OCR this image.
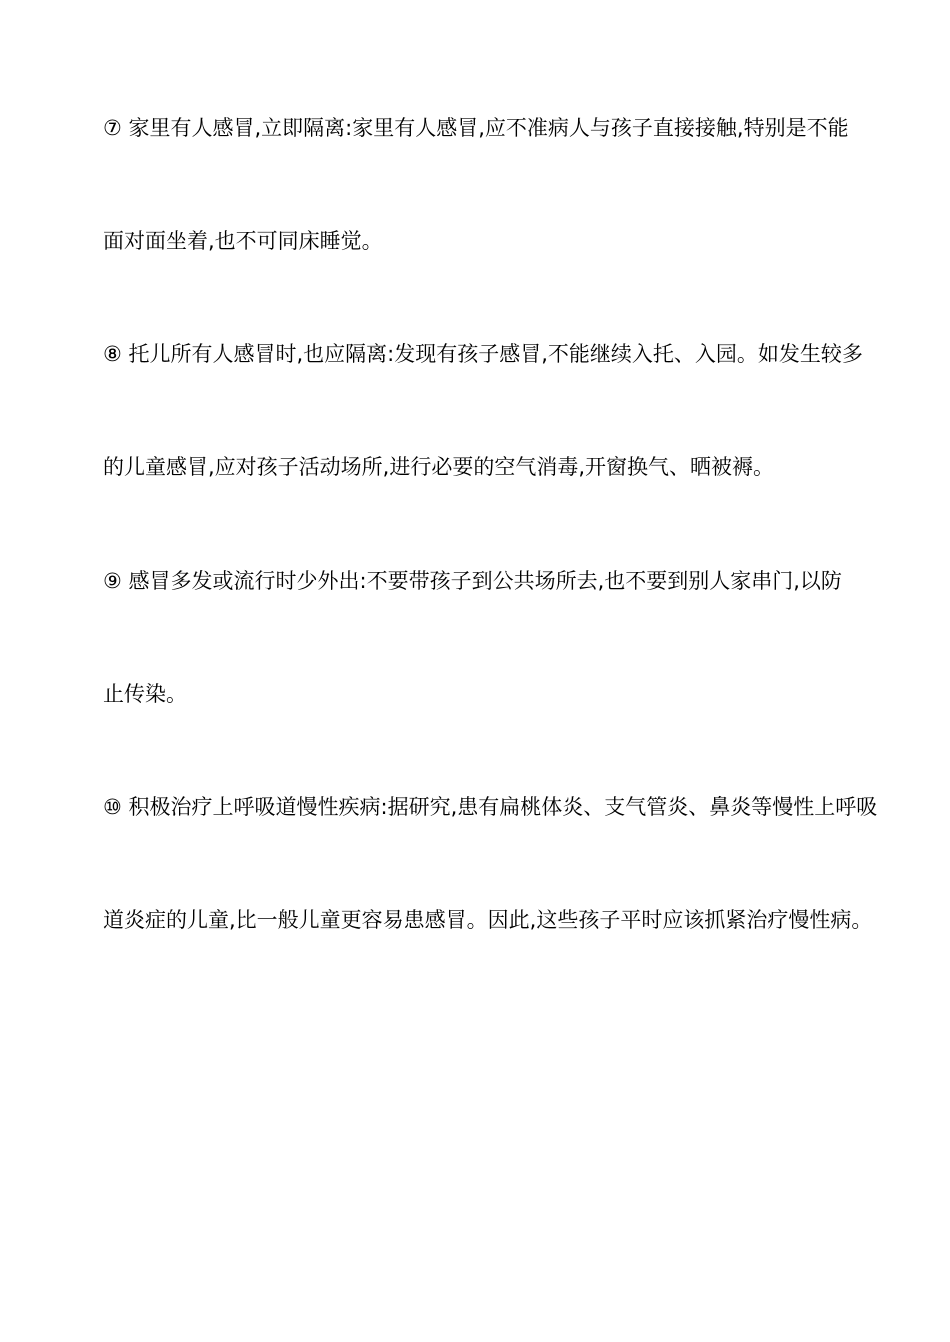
⑦ 家里有人感冒,立即隔离:家里有人感冒,应不准病人与孩子直接接触,特别是不能
面对面坐着,也不可同床睡觉。
⑧ 托儿所有人感冒时,也应隔离:发现有孩子感冒,不能继续入托、入园。如发生较多
的儿童感冒,应对孩子活动场所,进行必要的空气消毒,开窗换气、晒被褥。
⑨ 感冒多发或流行时少外出:不要带孩子到公共场所去,也不要到别人家串门,以防
止传染。
⑩ 积极治疗上呼吸道慢性疾病:据研究,患有扁桃体炎、支气管炎、鼻炎等慢性上呼吸
道炎症的儿童,比一般儿童更容易患感冒。因此,这些孩子平时应该抓紧治疗慢性病。
